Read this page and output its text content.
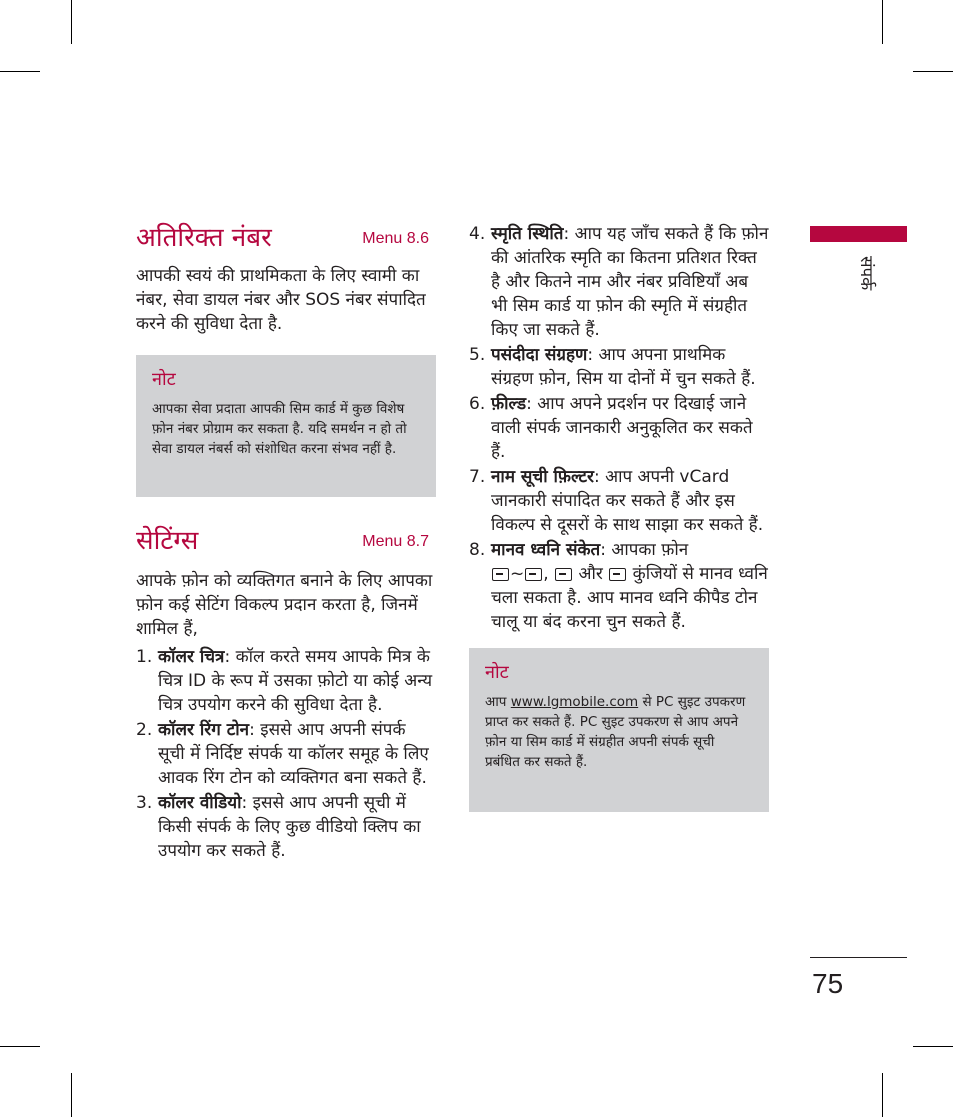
संपर्क
अतिरिक्त नंबर	Menu 8.6

आपकी स्वयं की प्राथमिकता के लिए स्वामी का नंबर, सेवा डायल नंबर और SOS नंबर संपादित करने की सुविधा देता है.

नोट
आपका सेवा प्रदाता आपकी सिम कार्ड में कुछ विशेष फ़ोन नंबर प्रोग्राम कर सकता है. यदि समर्थन न हो तो सेवा डायल नंबर्स को संशोधित करना संभव नहीं है.
सेटिंग्स	Menu 8.7

आपके फ़ोन को व्यक्तिगत बनाने के लिए आपका फ़ोन कई सेटिंग विकल्प प्रदान करता है, जिनमें शामिल हैं,

1. कॉलर चित्र: कॉल करते समय आपके मित्र के चित्र ID के रूप में उसका फ़ोटो या कोई अन्य चित्र उपयोग करने की सुविधा देता है.
2. कॉलर रिंग टोन: इससे आप अपनी संपर्क सूची में निर्दिष्ट संपर्क या कॉलर समूह के लिए आवक रिंग टोन को व्यक्तिगत बना सकते हैं.
3. कॉलर वीडियो: इससे आप अपनी सूची में किसी संपर्क के लिए कुछ वीडियो क्लिप का उपयोग कर सकते हैं.
4. स्मृति स्थिति: आप यह जाँच सकते हैं कि फ़ोन की आंतरिक स्मृति का कितना प्रतिशत रिक्त है और कितने नाम और नंबर प्रविष्टियाँ अब भी सिम कार्ड या फ़ोन की स्मृति में संग्रहीत किए जा सकते हैं.
5. पसंदीदा संग्रहण: आप अपना प्राथमिक संग्रहण फ़ोन, सिम या दोनों में चुन सकते हैं.
6. फ़ील्ड: आप अपने प्रदर्शन पर दिखाई जाने वाली संपर्क जानकारी अनुकूलित कर सकते हैं.
7. नाम सूची फ़िल्टर: आप अपनी vCard जानकारी संपादित कर सकते हैं और इस विकल्प से दूसरों के साथ साझा कर सकते हैं.
8. मानव ध्वनि संकेत: आपका फ़ोन
~ , और कुंजियों से मानव ध्वनि चला सकता है. आप मानव ध्वनि कीपैड टोन चालू या बंद करना चुन सकते हैं.
नोट
आप www.lgmobile.com से PC सुइट उपकरण प्राप्त कर सकते हैं. PC सुइट उपकरण से आप अपने फ़ोन या सिम कार्ड में संग्रहीत अपनी संपर्क सूची प्रबंधित कर सकते हैं.
75
